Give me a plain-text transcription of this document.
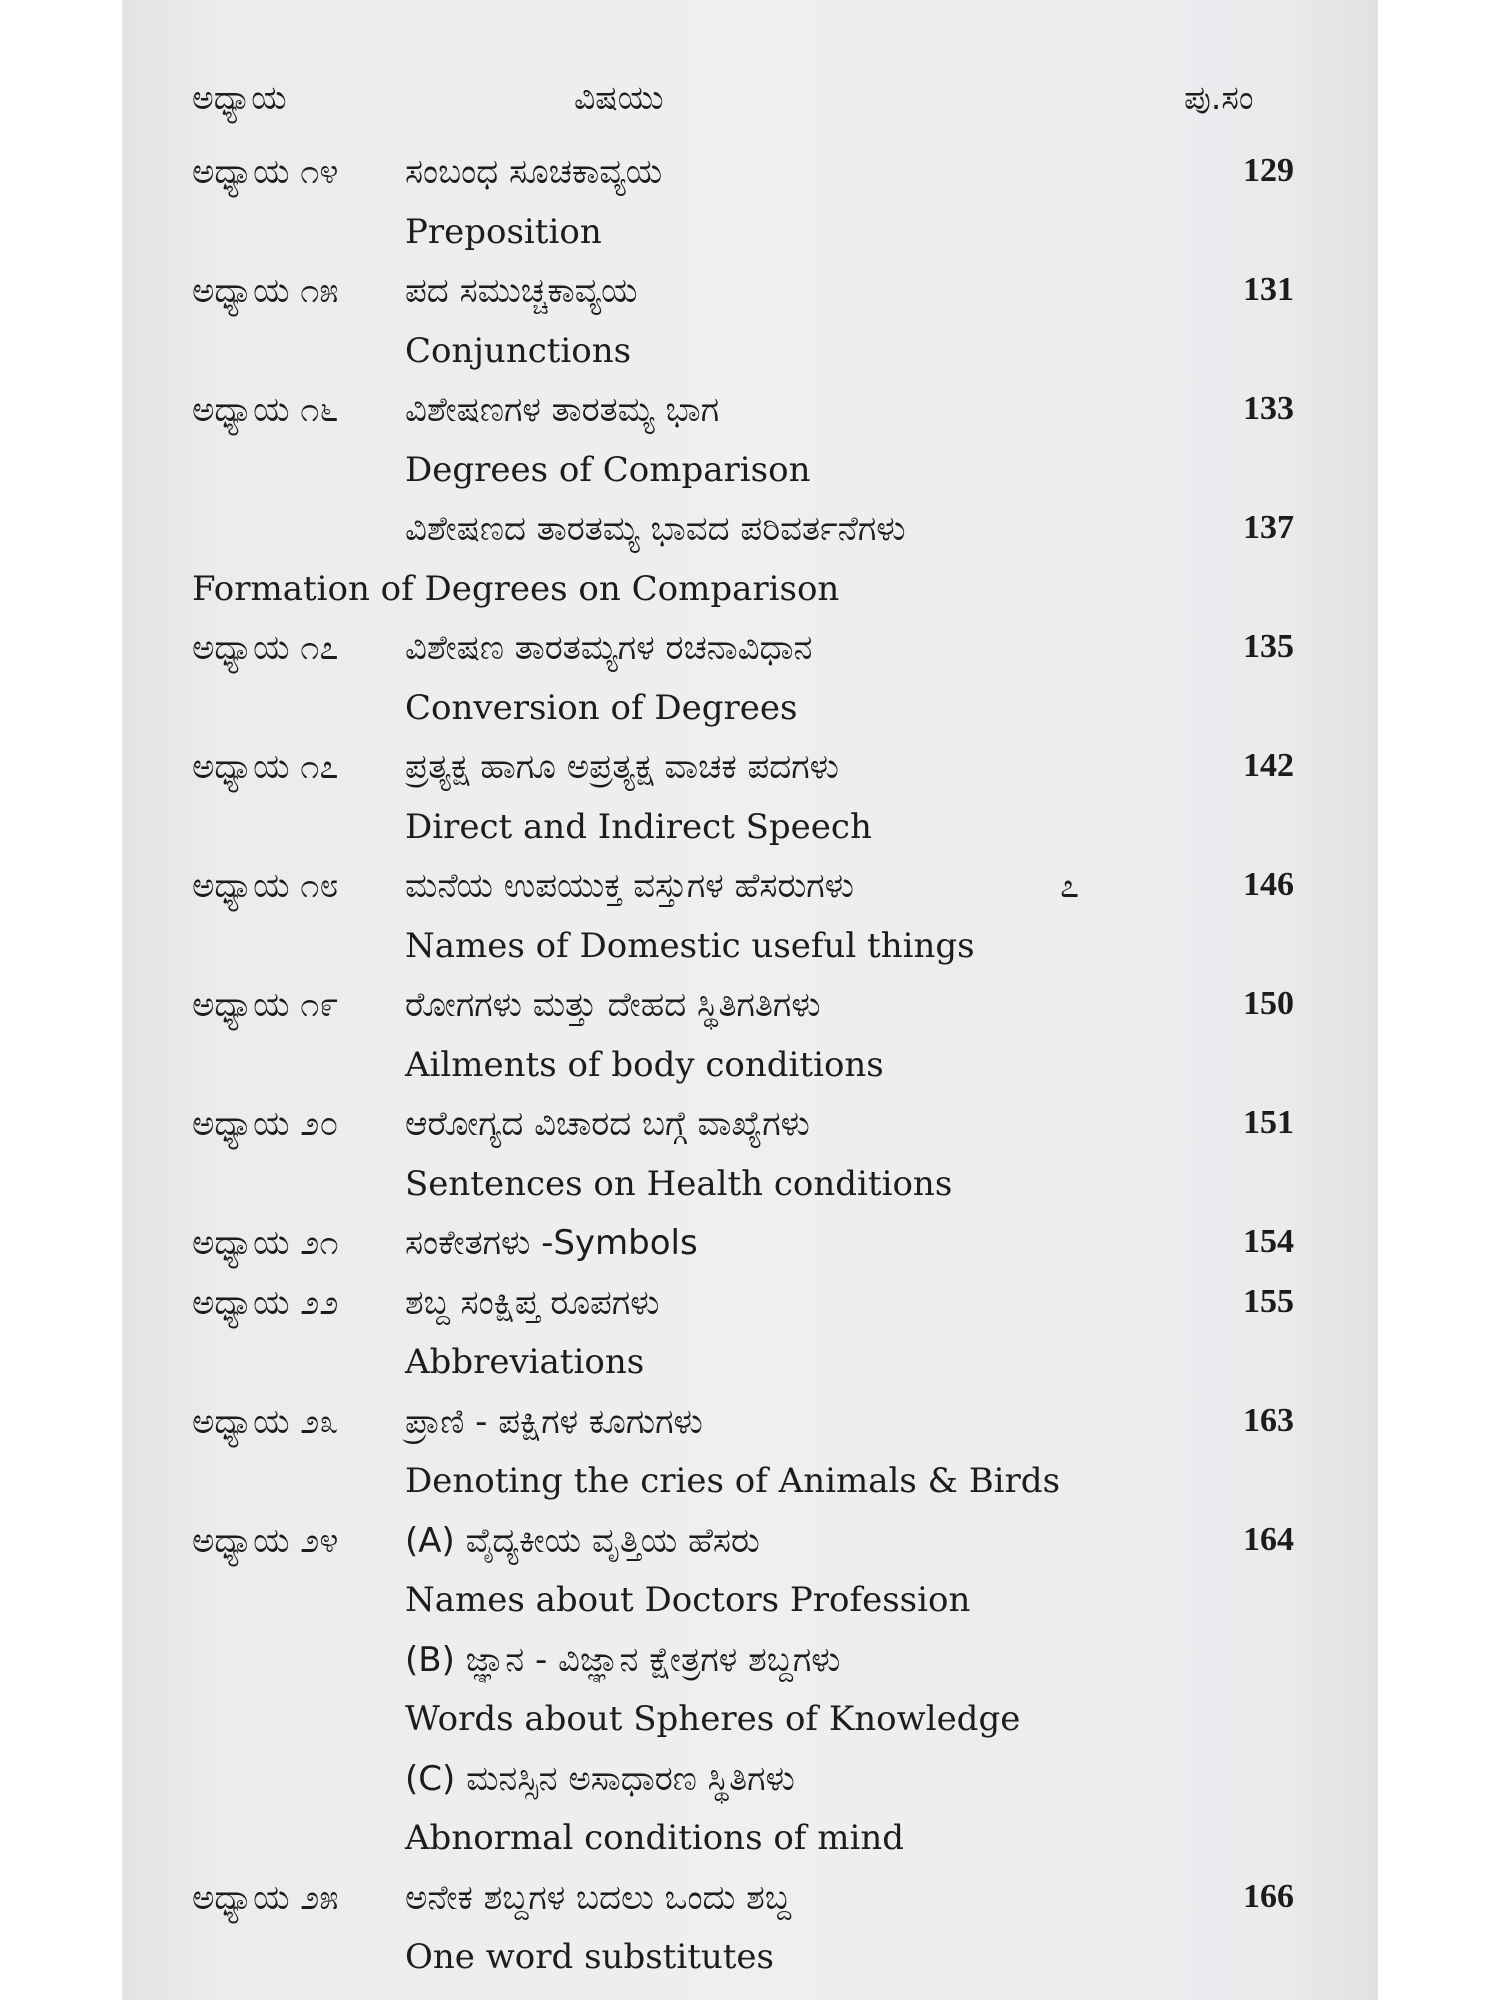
ಅಧ್ಯಾಯ	ವಿಷಯು	ಪು.ಸಂ
ಅಧ್ಯಾಯ ೧೪ ಸಂಬಂಧ ಸೂಚಕಾವ್ಯಯ	129
Preposition
ಅಧ್ಯಾಯ ೧೫ ಪದ ಸಮುಚ್ಚಕಾವ್ಯಯ	131
Conjunctions
ಅಧ್ಯಾಯ ೧೬ ವಿಶೇಷಣಗಳ ತಾರತಮ್ಯ ಭಾಗ	133
Degrees of Comparison
ವಿಶೇಷಣದ ತಾರತಮ್ಯ ಭಾವದ ಪರಿವರ್ತನೆಗಳು	137
Formation of Degrees on Comparison
ಅಧ್ಯಾಯ ೧೭ ವಿಶೇಷಣ ತಾರತಮ್ಯಗಳ ರಚನಾವಿಧಾನ	135
Conversion of Degrees
ಅಧ್ಯಾಯ ೧೭ ಪ್ರತ್ಯಕ್ಷ ಹಾಗೂ ಅಪ್ರತ್ಯಕ್ಷ ವಾಚಕ ಪದಗಳು	142
Direct and Indirect Speech
ಅಧ್ಯಾಯ ೧೮ ಮನೆಯ ಉಪಯುಕ್ತ ವಸ್ತುಗಳ ಹೆಸರುಗಳು	೭	146
Names of Domestic useful things
ಅಧ್ಯಾಯ ೧೯ ರೋಗಗಳು ಮತ್ತು ದೇಹದ ಸ್ಥಿತಿಗತಿಗಳು	150
Ailments of body conditions
ಅಧ್ಯಾಯ ೨೦ ಆರೋಗ್ಯದ ವಿಚಾರದ ಬಗ್ಗೆ ವಾಖ್ಯೆಗಳು	151
Sentences on Health conditions
ಅಧ್ಯಾಯ ೨೧ ಸಂಕೇತಗಳು -Symbols	154
ಅಧ್ಯಾಯ ೨೨ ಶಬ್ದ ಸಂಕ್ಷಿಪ್ತ ರೂಪಗಳು	155
Abbreviations
ಅಧ್ಯಾಯ ೨೩ ಪ್ರಾಣಿ - ಪಕ್ಷಿಗಳ ಕೂಗುಗಳು	163
Denoting the cries of Animals & Birds
ಅಧ್ಯಾಯ ೨೪ (A) ವೈದ್ಯಕೀಯ ವೃತ್ತಿಯ ಹೆಸರು	164
Names about Doctors Profession
(B) ಜ್ಞಾನ - ವಿಜ್ಞಾನ ಕ್ಷೇತ್ರಗಳ ಶಬ್ದಗಳು
Words about Spheres of Knowledge
(C) ಮನಸ್ಸಿನ ಅಸಾಧಾರಣ ಸ್ಥಿತಿಗಳು
Abnormal conditions of mind
ಅಧ್ಯಾಯ ೨೫ ಅನೇಕ ಶಬ್ದಗಳ ಬದಲು ಒಂದು ಶಬ್ದ	166
One word substitutes
